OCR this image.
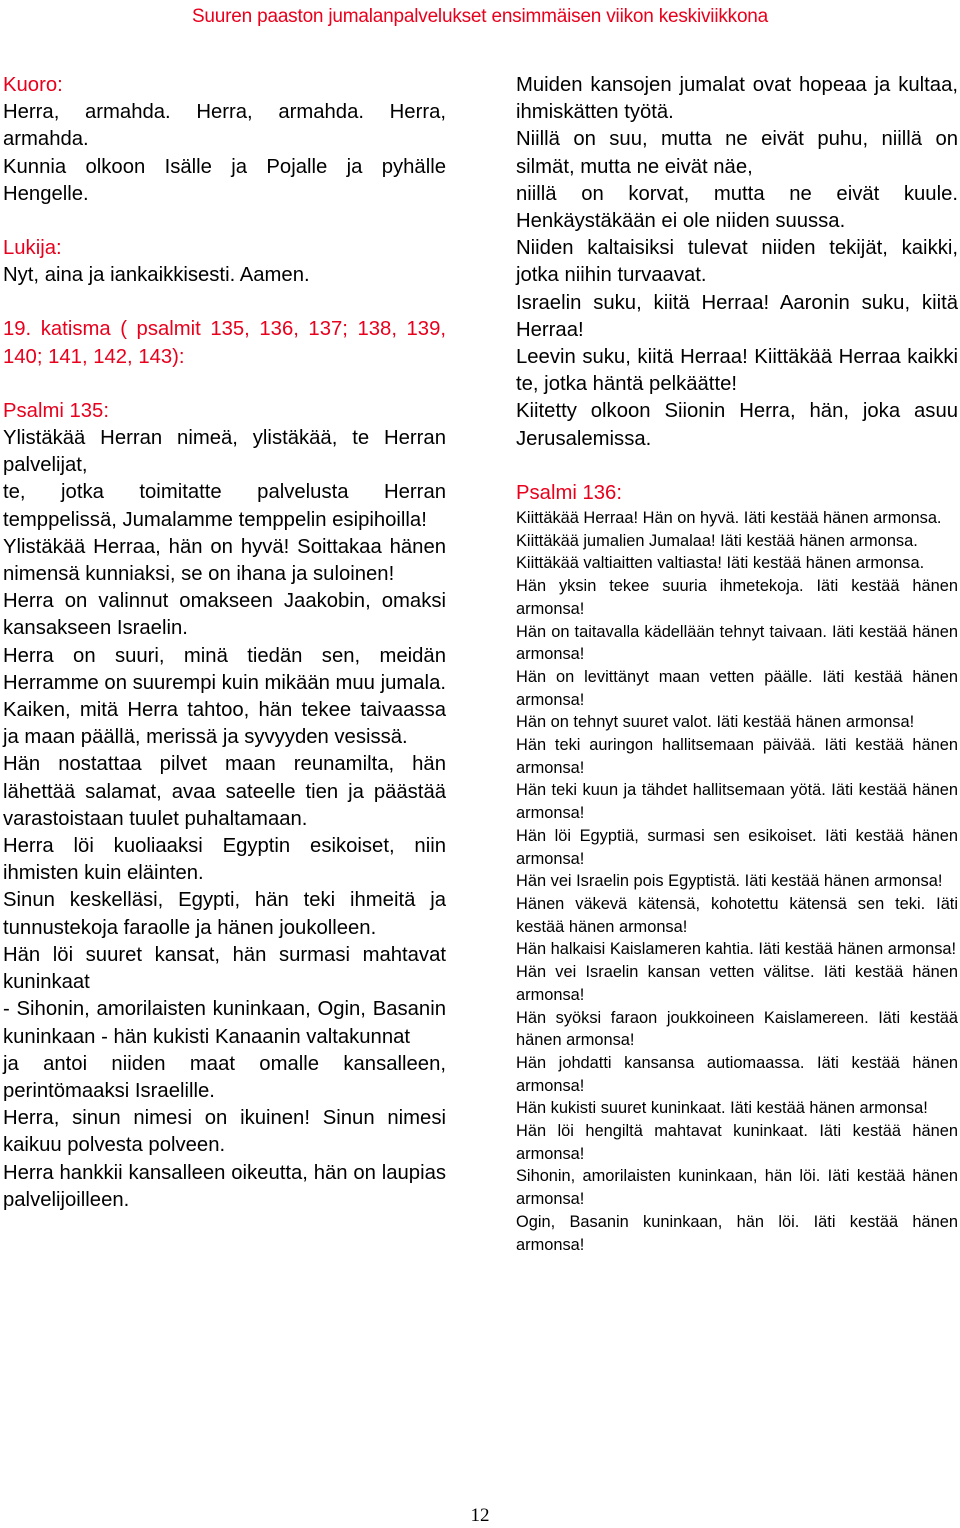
Suuren paaston jumalanpalvelukset ensimmäisen viikon keskiviikkona
Kuoro:
Herra, armahda. Herra, armahda. Herra, armahda.
Kunnia olkoon Isälle ja Pojalle ja pyhälle Hengelle.
Lukija:
Nyt, aina ja iankaikkisesti. Aamen.
19. katisma ( psalmit 135, 136, 137; 138, 139, 140; 141, 142, 143):
Psalmi 135:
Ylistäkää Herran nimeä, ylistäkää, te Herran palvelijat,
te, jotka toimitatte palvelusta Herran temppelissä, Jumalamme temppelin esipihoilla!
Ylistäkää Herraa, hän on hyvä! Soittakaa hänen nimensä kunniaksi, se on ihana ja suloinen!
Herra on valinnut omakseen Jaakobin, omaksi kansakseen Israelin.
Herra on suuri, minä tiedän sen, meidän Herramme on suurempi kuin mikään muu jumala.
Kaiken, mitä Herra tahtoo, hän tekee taivaassa ja maan päällä, merissä ja syvyyden vesissä.
Hän nostattaa pilvet maan reunamilta, hän lähettää salamat, avaa sateelle tien ja päästää varastoistaan tuulet puhaltamaan.
Herra löi kuoliaaksi Egyptin esikoiset, niin ihmisten kuin eläinten.
Sinun keskelläsi, Egypti, hän teki ihmeitä ja tunnustekoja faraolle ja hänen joukolleen.
Hän löi suuret kansat, hän surmasi mahtavat kuninkaat
- Sihonin, amorilaisten kuninkaan, Ogin, Basanin kuninkaan - hän kukisti Kanaanin valtakunnat
ja antoi niiden maat omalle kansalleen, perintömaaksi Israelille.
Herra, sinun nimesi on ikuinen! Sinun nimesi kaikuu polvesta polveen.
Herra hankkii kansalleen oikeutta, hän on laupias palvelijoilleen.
Muiden kansojen jumalat ovat hopeaa ja kultaa, ihmiskätten työtä.
Niillä on suu, mutta ne eivät puhu, niillä on silmät, mutta ne eivät näe,
niillä on korvat, mutta ne eivät kuule. Henkäystäkään ei ole niiden suussa.
Niiden kaltaisiksi tulevat niiden tekijät, kaikki, jotka niihin turvaavat.
Israelin suku, kiitä Herraa! Aaronin suku, kiitä Herraa!
Leevin suku, kiitä Herraa! Kiittäkää Herraa kaikki te, jotka häntä pelkäätte!
Kiitetty olkoon Siionin Herra, hän, joka asuu Jerusalemissa.
Psalmi 136:
Kiittäkää Herraa! Hän on hyvä. Iäti kestää hänen armonsa.
Kiittäkää jumalien Jumalaa! Iäti kestää hänen armonsa.
Kiittäkää valtiaitten valtiasta! Iäti kestää hänen armonsa.
Hän yksin tekee suuria ihmetekoja. Iäti kestää hänen armonsa!
Hän on taitavalla kädellään tehnyt taivaan. Iäti kestää hänen armonsa!
Hän on levittänyt maan vetten päälle. Iäti kestää hänen armonsa!
Hän on tehnyt suuret valot. Iäti kestää hänen armonsa!
Hän teki auringon hallitsemaan päivää. Iäti kestää hänen armonsa!
Hän teki kuun ja tähdet hallitsemaan yötä. Iäti kestää hänen armonsa!
Hän löi Egyptiä, surmasi sen esikoiset. Iäti kestää hänen armonsa!
Hän vei Israelin pois Egyptistä. Iäti kestää hänen armonsa!
Hänen väkevä kätensä, kohotettu kätensä sen teki. Iäti kestää hänen armonsa!
Hän halkaisi Kaislameren kahtia. Iäti kestää hänen armonsa!
Hän vei Israelin kansan vetten välitse. Iäti kestää hänen armonsa!
Hän syöksi faraon joukkoineen Kaislamereen. Iäti kestää hänen armonsa!
Hän johdatti kansansa autiomaassa. Iäti kestää hänen armonsa!
Hän kukisti suuret kuninkaat. Iäti kestää hänen armonsa!
Hän löi hengiltä mahtavat kuninkaat. Iäti kestää hänen armonsa!
Sihonin, amorilaisten kuninkaan, hän löi. Iäti kestää hänen armonsa!
Ogin, Basanin kuninkaan, hän löi. Iäti kestää hänen armonsa!
12
